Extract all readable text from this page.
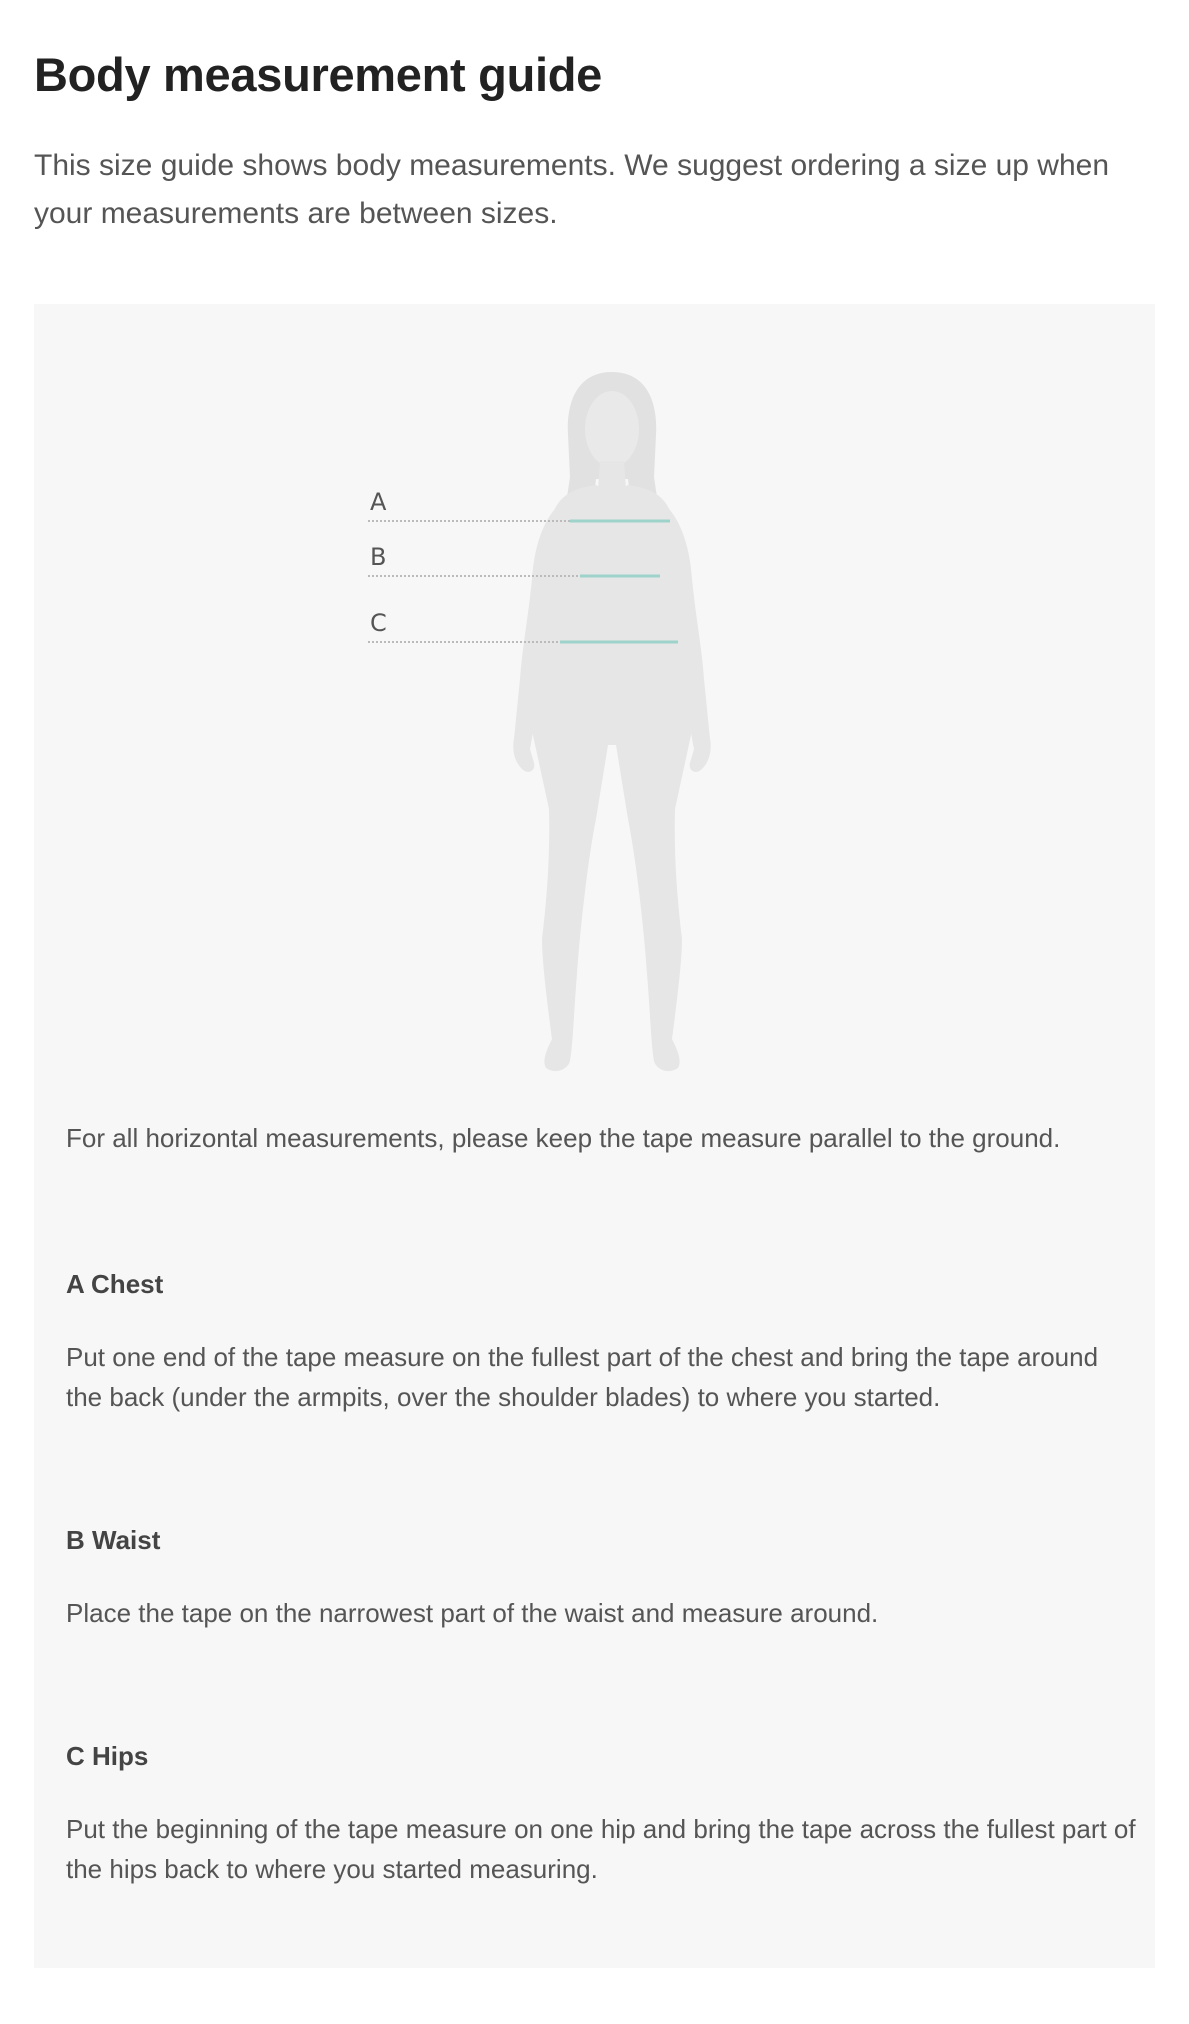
Body measurement guide

This size guide shows body measurements. We suggest ordering a size up when your measurements are between sizes.

A
B
C

For all horizontal measurements, please keep the tape measure parallel to the ground.

A Chest

Put one end of the tape measure on the fullest part of the chest and bring the tape around the back (under the armpits, over the shoulder blades) to where you started.

B Waist

Place the tape on the narrowest part of the waist and measure around.

C Hips

Put the beginning of the tape measure on one hip and bring the tape across the fullest part of the hips back to where you started measuring.
